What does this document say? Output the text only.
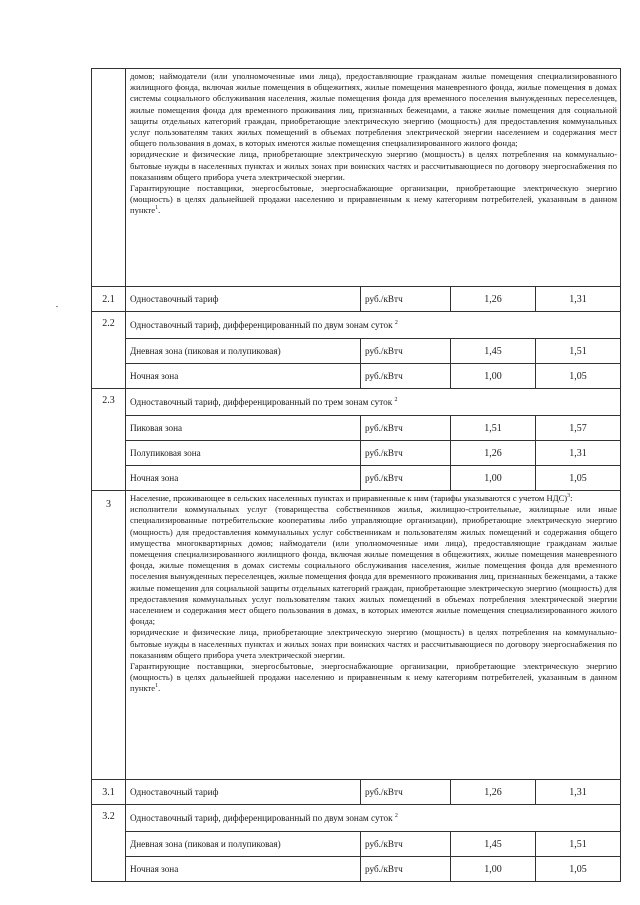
	домов; наймодатели (или уполномоченные ими лица), предоставляющие гражданам жилые помещения специализированного жилищного фонда, включая жилые помещения в общежитиях, жилые помещения маневренного фонда, жилые помещения в домах системы социального обслуживания населения, жилые помещения фонда для временного поселения вынужденных переселенцев, жилые помещения фонда для временного проживания лиц, признанных беженцами, а также жилые помещения для социальной защиты отдельных категорий граждан, приобретающие электрическую энергию (мощность) для предоставления коммунальных услуг пользователям таких жилых помещений в объемах потребления электрической энергии населением и содержания мест общего пользования в домах, в которых имеются жилые помещения специализированного жилого фонда;

юридические и физические лица, приобретающие электрическую энергию (мощность) в целях потребления на коммунально-бытовые нужды в населенных пунктах и жилых зонах при воинских частях и рассчитывающиеся по договору энергоснабжения по показаниям общего прибора учета электрической энергии.

Гарантирующие поставщики, энергосбытовые, энергоснабжающие организации, приобретающие электрическую энергию (мощность) в целях дальнейшей продажи населению и приравненным к нему категориям потребителей, указанным в данном пункте$^1$.			

2.1	Одноставочный тариф	руб./кВтч	1,26	1,31
2.2	Одноставочный тариф, дифференцированный по двум зонам суток $^2$
	Дневная зона (пиковая и полупиковая)	руб./кВтч	1,45	1,51
	Ночная зона	руб./кВтч	1,00	1,05
2.3	Одноставочный тариф, дифференцированный по трем зонам суток $^2$
	Пиковая зона	руб./кВтч	1,51	1,57
	Полупиковая зона	руб./кВтч	1,26	1,31
	Ночная зона	руб./кВтч	1,00	1,05
3	Население, проживающее в сельских населенных пунктах и приравненные к ним (тарифы указываются с учетом НДС)$^3$:

исполнители коммунальных услуг (товарищества собственников жилья, жилищно-строительные, жилищные или иные специализированные потребительские кооперативы либо управляющие организации), приобретающие электрическую энергию (мощность) для предоставления коммунальных услуг собственникам и пользователям жилых помещений и содержания общего имущества многоквартирных домов; наймодатели (или уполномоченные ими лица), предоставляющие гражданам жилые помещения специализированного жилищного фонда, включая жилые помещения в общежитиях, жилые помещения маневренного фонда, жилые помещения в домах системы социального обслуживания населения, жилые помещения фонда для временного поселения вынужденных переселенцев, жилые помещения фонда для временного проживания лиц, признанных беженцами, а также жилые помещения для социальной защиты отдельных категорий граждан, приобретающие электрическую энергию (мощность) для предоставления коммунальных услуг пользователям таких жилых помещений в объемах потребления электрической энергии населением и содержания мест общего пользования в домах, в которых имеются жилые помещения специализированного жилого фонда;

юридические и физические лица, приобретающие электрическую энергию (мощность) в целях потребления на коммунально-бытовые нужды в населенных пунктах и жилых зонах при воинских частях и рассчитывающиеся по договору энергоснабжения по показаниям общего прибора учета электрической энергии.

Гарантирующие поставщики, энергосбытовые, энергоснабжающие организации, приобретающие электрическую энергию (мощность) в целях дальнейшей продажи населению и приравненным к нему категориям потребителей, указанным в данном пункте$^1$.			

3.1	Одноставочный тариф	руб./кВтч	1,26	1,31
3.2	Одноставочный тариф, дифференцированный по двум зонам суток $^2$
	Дневная зона (пиковая и полупиковая)	руб./кВтч	1,45	1,51
	Ночная зона	руб./кВтч	1,00	1,05
